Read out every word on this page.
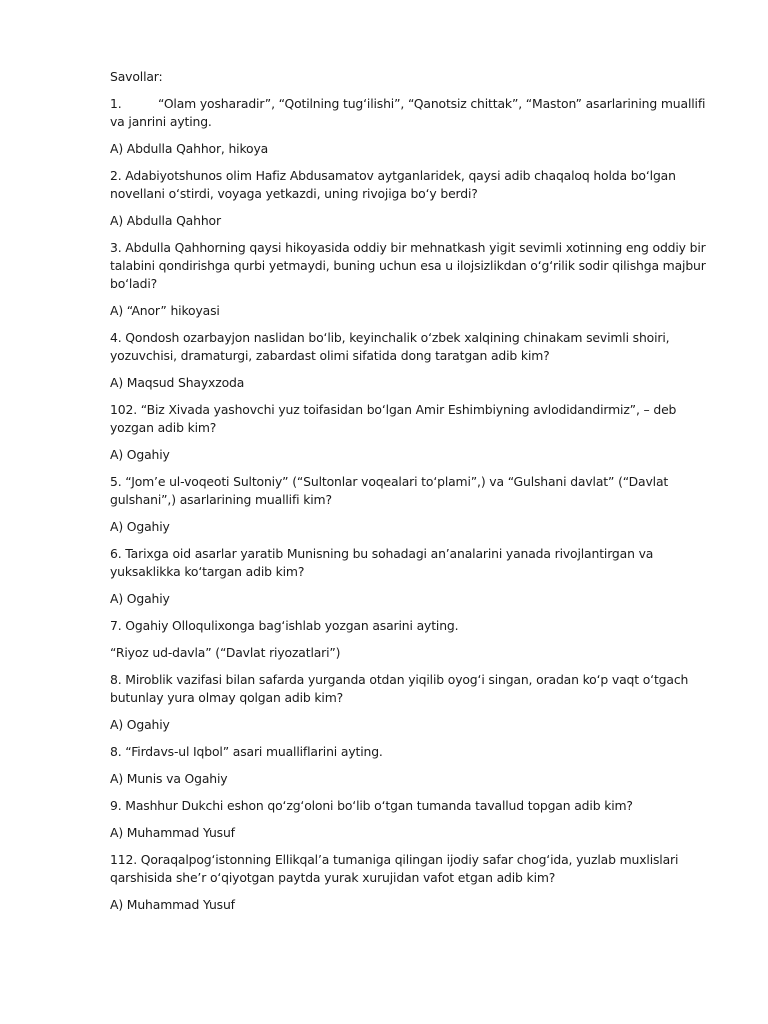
Savollar:

1.	“Olam yosharadir”, “Qotilning tug‘ilishi”, “Qanotsiz chittak”, “Maston” asarlarining muallifi va janrini ayting.

A) Abdulla Qahhor, hikoya

2. Adabiyotshunos olim Hafiz Abdusamatov aytganlaridek, qaysi adib chaqaloq holda bo‘lgan novellani o‘stirdi, voyaga yetkazdi, uning rivojiga bo‘y berdi?

A) Abdulla Qahhor

3. Abdulla Qahhorning qaysi hikoyasida oddiy bir mehnatkash yigit sevimli xotinning eng oddiy bir talabini qondirishga qurbi yetmaydi, buning uchun esa u ilojsizlikdan o‘g‘rilik sodir qilishga majbur bo‘ladi?

A) “Anor” hikoyasi

4. Qondosh ozarbayjon naslidan bo‘lib, keyinchalik o‘zbek xalqining chinakam sevimli shoiri, yozuvchisi, dramaturgi, zabardast olimi sifatida dong taratgan adib kim?

A) Maqsud Shayxzoda

102. “Biz Xivada yashovchi yuz toifasidan bo‘lgan Amir Eshimbiyning avlodidandirmiz”, – deb yozgan adib kim?

A) Ogahiy

5. “Jom’e ul-voqeoti Sultoniy” (“Sultonlar voqealari to‘plami”,) va “Gulshani davlat” (“Davlat gulshani”,) asarlarining muallifi kim?

A) Ogahiy

6. Tarixga oid asarlar yaratib Munisning bu sohadagi an’analarini yanada rivojlantirgan va yuksaklikka ko‘targan adib kim?

A) Ogahiy

7. Ogahiy Olloqulixonga bag‘ishlab yozgan asarini ayting.

“Riyoz ud-davla” (“Davlat riyozatlari”)

8. Miroblik vazifasi bilan safarda yurganda otdan yiqilib oyog‘i singan, oradan ko‘p vaqt o‘tgach butunlay yura olmay qolgan adib kim?

A) Ogahiy

8. “Firdavs-ul Iqbol” asari mualliflarini ayting.

A) Munis va Ogahiy

9. Mashhur Dukchi eshon qo‘zg‘oloni bo‘lib o‘tgan tumanda tavallud topgan adib kim?

A) Muhammad Yusuf

112. Qoraqalpog‘istonning Ellikqal’a tumaniga qilingan ijodiy safar chog‘ida, yuzlab muxlislari qarshisida she’r o‘qiyotgan paytda yurak xurujidan vafot etgan adib kim?

A) Muhammad Yusuf
